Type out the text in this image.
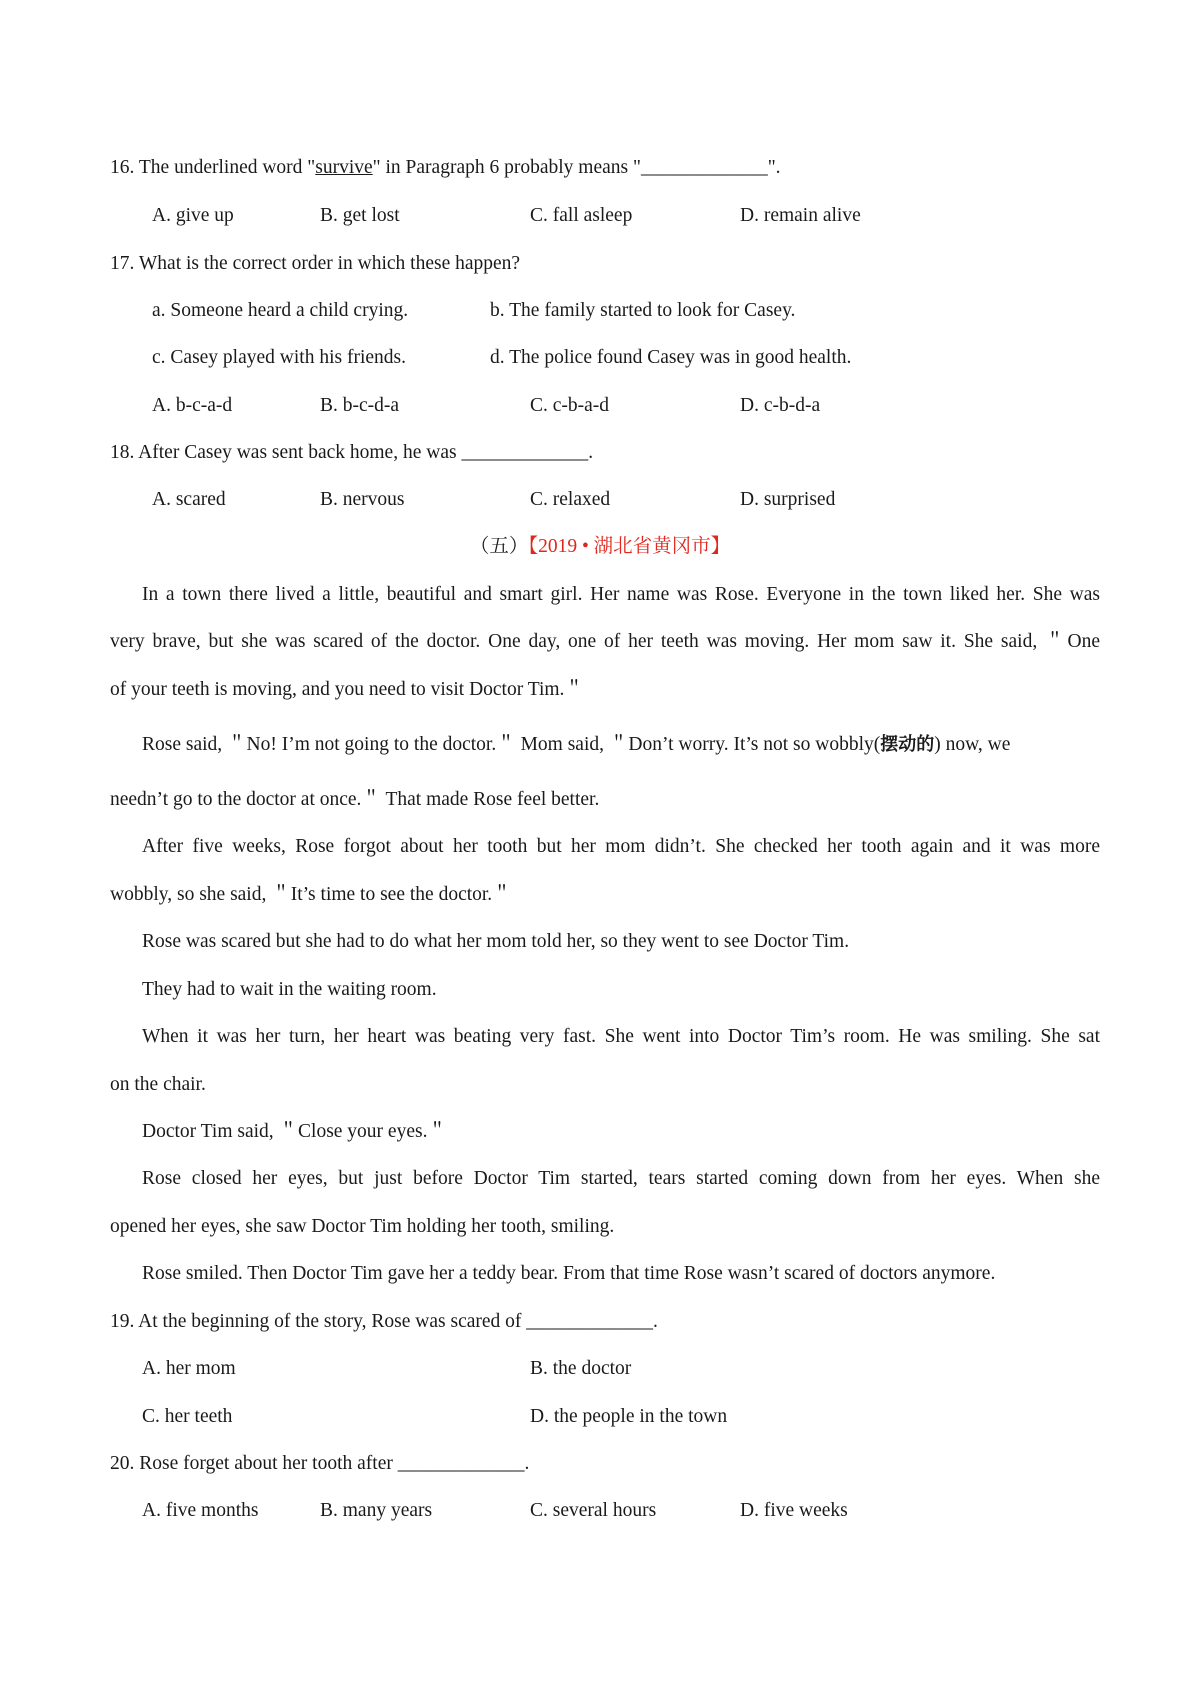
16. The underlined word "survive" in Paragraph 6 probably means "_____________".
A. give up	B. get lost	C. fall asleep	D. remain alive
17. What is the correct order in which these happen?
a. Someone heard a child crying.	b. The family started to look for Casey.
c. Casey played with his friends.	d. The police found Casey was in good health.
A. b-c-a-d	B. b-c-d-a	C. c-b-a-d	D. c-b-d-a
18. After Casey was sent back home, he was _____________.
A. scared	B. nervous	C. relaxed	D. surprised
（五）【2019 • 湖北省黄冈市】
In a town there lived a little, beautiful and smart girl. Her name was Rose. Everyone in the town liked her. She was
very brave, but she was scared of the doctor. One day, one of her teeth was moving. Her mom saw it. She said, ＂One
of your teeth is moving, and you need to visit Doctor Tim.＂
Rose said, ＂No! I’m not going to the doctor.＂ Mom said, ＂Don’t worry. It’s not so wobbly(摆动的) now, we
needn’t go to the doctor at once.＂ That made Rose feel better.
After five weeks, Rose forgot about her tooth but her mom didn’t. She checked her tooth again and it was more
wobbly, so she said, ＂It’s time to see the doctor.＂
Rose was scared but she had to do what her mom told her, so they went to see Doctor Tim.
They had to wait in the waiting room.
When it was her turn, her heart was beating very fast. She went into Doctor Tim’s room. He was smiling. She sat
on the chair.
Doctor Tim said, ＂Close your eyes.＂
Rose closed her eyes, but just before Doctor Tim started, tears started coming down from her eyes. When she
opened her eyes, she saw Doctor Tim holding her tooth, smiling.
Rose smiled. Then Doctor Tim gave her a teddy bear. From that time Rose wasn’t scared of doctors anymore.
19. At the beginning of the story, Rose was scared of _____________.
A. her mom	B. the doctor
C. her teeth	D. the people in the town
20. Rose forget about her tooth after _____________.
A. five months	B. many years	C. several hours	D. five weeks
